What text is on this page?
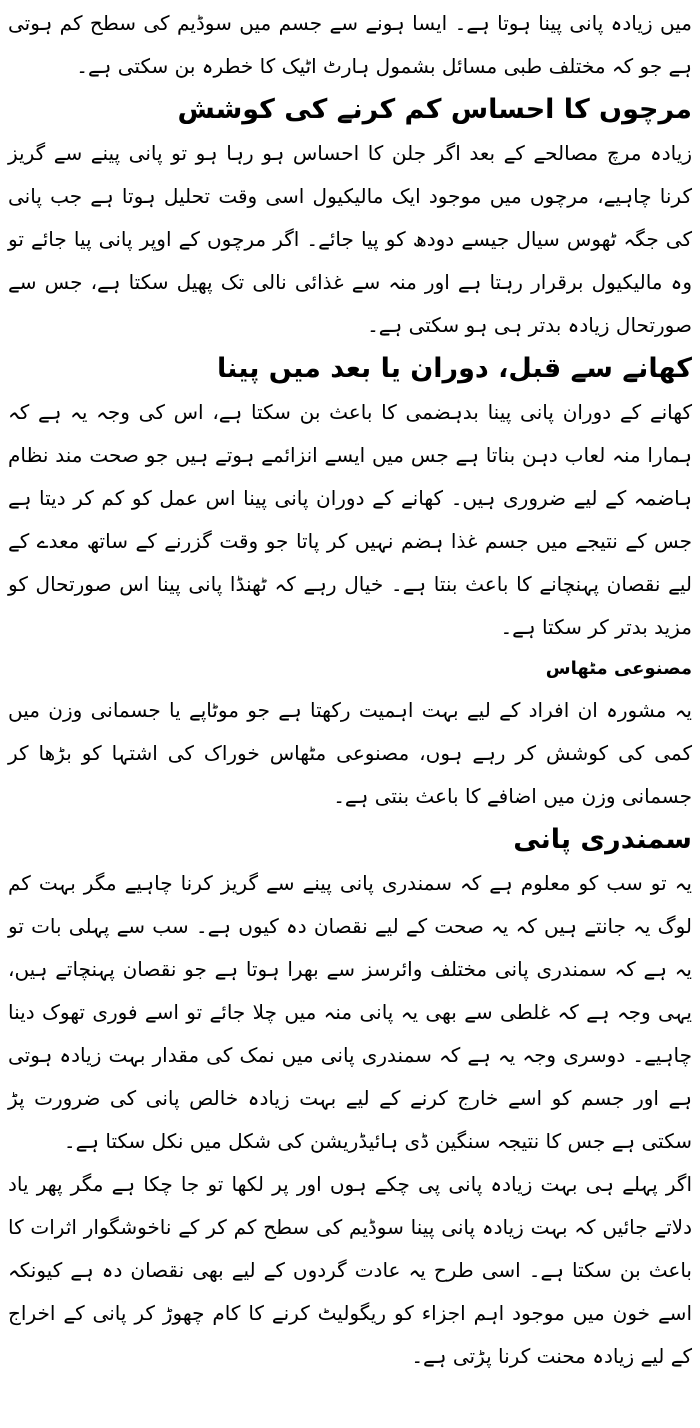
میں زیادہ پانی پینا ہوتا ہے۔ ایسا ہونے سے جسم میں سوڈیم کی سطح کم ہوتی ہے جو کہ مختلف طبی مسائل بشمول ہارٹ اٹیک کا خطرہ بن سکتی ہے۔

مرچوں کا احساس کم کرنے کی کوشش

زیادہ مرچ مصالحے کے بعد اگر جلن کا احساس ہو رہا ہو تو پانی پینے سے گریز کرنا چاہیے، مرچوں میں موجود ایک مالیکیول اسی وقت تحلیل ہوتا ہے جب پانی کی جگہ ٹھوس سیال جیسے دودھ کو پیا جائے۔ اگر مرچوں کے اوپر پانی پیا جائے تو وہ مالیکیول برقرار رہتا ہے اور منہ سے غذائی نالی تک پھیل سکتا ہے، جس سے صورتحال زیادہ بدتر ہی ہو سکتی ہے۔

کھانے سے قبل، دوران یا بعد میں پینا

کھانے کے دوران پانی پینا بدہضمی کا باعث بن سکتا ہے، اس کی وجہ یہ ہے کہ ہمارا منہ لعاب دہن بناتا ہے جس میں ایسے انزائمے ہوتے ہیں جو صحت مند نظام ہاضمہ کے لیے ضروری ہیں۔ کھانے کے دوران پانی پینا اس عمل کو کم کر دیتا ہے جس کے نتیجے میں جسم غذا ہضم نہیں کر پاتا جو وقت گزرنے کے ساتھ معدے کے لیے نقصان پہنچانے کا باعث بنتا ہے۔ خیال رہے کہ ٹھنڈا پانی پینا اس صورتحال کو مزید بدتر کر سکتا ہے۔

مصنوعی مٹھاس

یہ مشورہ ان افراد کے لیے بہت اہمیت رکھتا ہے جو موٹاپے یا جسمانی وزن میں کمی کی کوشش کر رہے ہوں، مصنوعی مٹھاس خوراک کی اشتہا کو بڑھا کر جسمانی وزن میں اضافے کا باعث بنتی ہے۔

سمندری پانی

یہ تو سب کو معلوم ہے کہ سمندری پانی پینے سے گریز کرنا چاہیے مگر بہت کم لوگ یہ جانتے ہیں کہ یہ صحت کے لیے نقصان دہ کیوں ہے۔ سب سے پہلی بات تو یہ ہے کہ سمندری پانی مختلف وائرسز سے بھرا ہوتا ہے جو نقصان پہنچاتے ہیں، یہی وجہ ہے کہ غلطی سے بھی یہ پانی منہ میں چلا جائے تو اسے فوری تھوک دینا چاہیے۔ دوسری وجہ یہ ہے کہ سمندری پانی میں نمک کی مقدار بہت زیادہ ہوتی ہے اور جسم کو اسے خارج کرنے کے لیے بہت زیادہ خالص پانی کی ضرورت پڑ سکتی ہے جس کا نتیجہ سنگین ڈی ہائیڈریشن کی شکل میں نکل سکتا ہے۔

اگر پہلے ہی بہت زیادہ پانی پی چکے ہوں اور پر لکھا تو جا چکا ہے مگر پھر یاد دلاتے جائیں کہ بہت زیادہ پانی پینا سوڈیم کی سطح کم کر کے ناخوشگوار اثرات کا باعث بن سکتا ہے۔ اسی طرح یہ عادت گردوں کے لیے بھی نقصان دہ ہے کیونکہ اسے خون میں موجود اہم اجزاء کو ریگولیٹ کرنے کا کام چھوڑ کر پانی کے اخراج کے لیے زیادہ محنت کرنا پڑتی ہے۔
